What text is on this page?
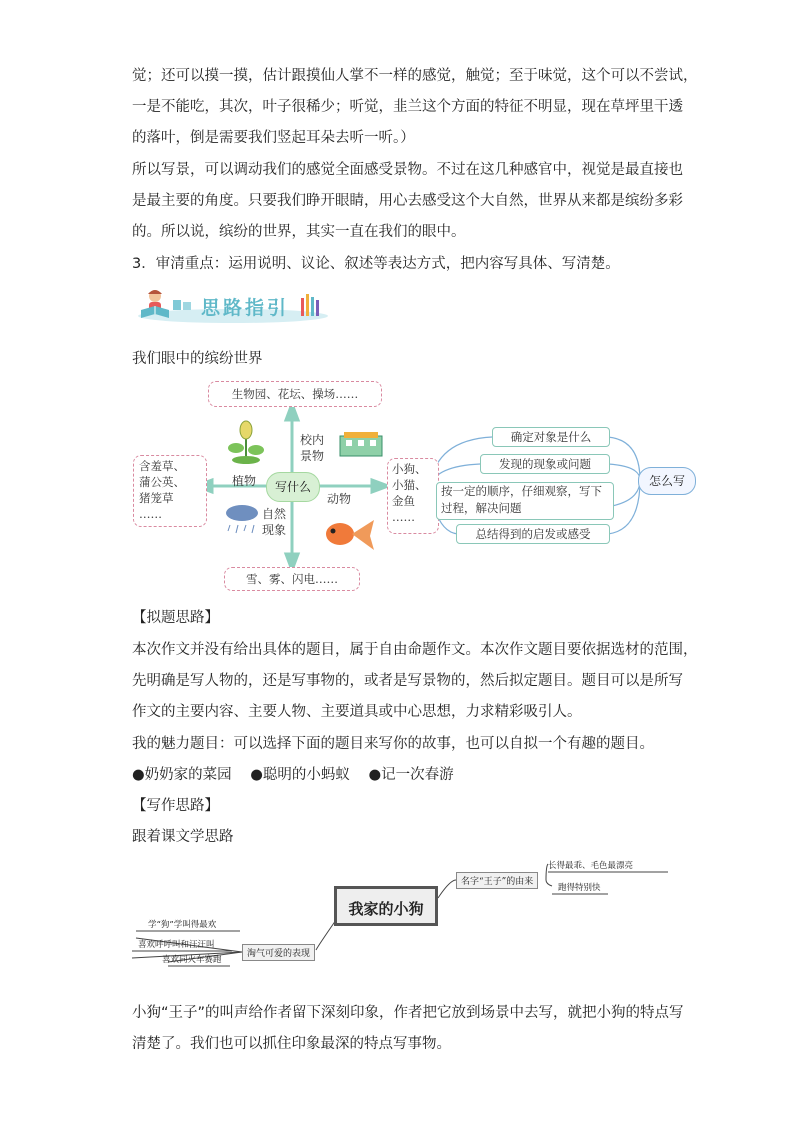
觉；还可以摸一摸，估计跟摸仙人掌不一样的感觉，触觉；至于味觉，这个可以不尝试，
一是不能吃，其次，叶子很稀少；听觉，韭兰这个方面的特征不明显，现在草坪里干透
的落叶，倒是需要我们竖起耳朵去听一听。）
所以写景，可以调动我们的感觉全面感受景物。不过在这几种感官中，视觉是最直接也
是最主要的角度。只要我们睁开眼睛，用心去感受这个大自然，世界从来都是缤纷多彩
的。所以说，缤纷的世界，其实一直在我们的眼中。
3．审清重点：运用说明、议论、叙述等表达方式，把内容写具体、写清楚。
思路指引
我们眼中的缤纷世界
生物园、花坛、操场……
校内景物
含羞草、
蒲公英、
猪笼草
……
植物	写什么
动物
小狗、
小猫、
金鱼
……
自然现象
雪、雾、闪电……
确定对象是什么
发现的现象或问题
按一定的顺序，仔细观察，写下过程，解决问题
总结得到的启发或感受
怎么写
【拟题思路】
本次作文并没有给出具体的题目，属于自由命题作文。本次作文题目要依据选材的范围，
先明确是写人物的，还是写事物的，或者是写景物的，然后拟定题目。题目可以是所写
作文的主要内容、主要人物、主要道具或中心思想，力求精彩吸引人。
我的魅力题目：可以选择下面的题目来写你的故事，也可以自拟一个有趣的题目。
●奶奶家的菜园 ●聪明的小蚂蚁 ●记一次春游
【写作思路】
跟着课文学思路
我家的小狗
名字“王子”的由来
长得最乖、毛色最漂亮
跑得特别快
淘气可爱的表现
学“狗”学叫得最欢
喜欢呼呼叫和汪汪叫
喜欢同火车赛跑
小狗“王子”的叫声给作者留下深刻印象，作者把它放到场景中去写，就把小狗的特点写
清楚了。我们也可以抓住印象最深的特点写事物。
